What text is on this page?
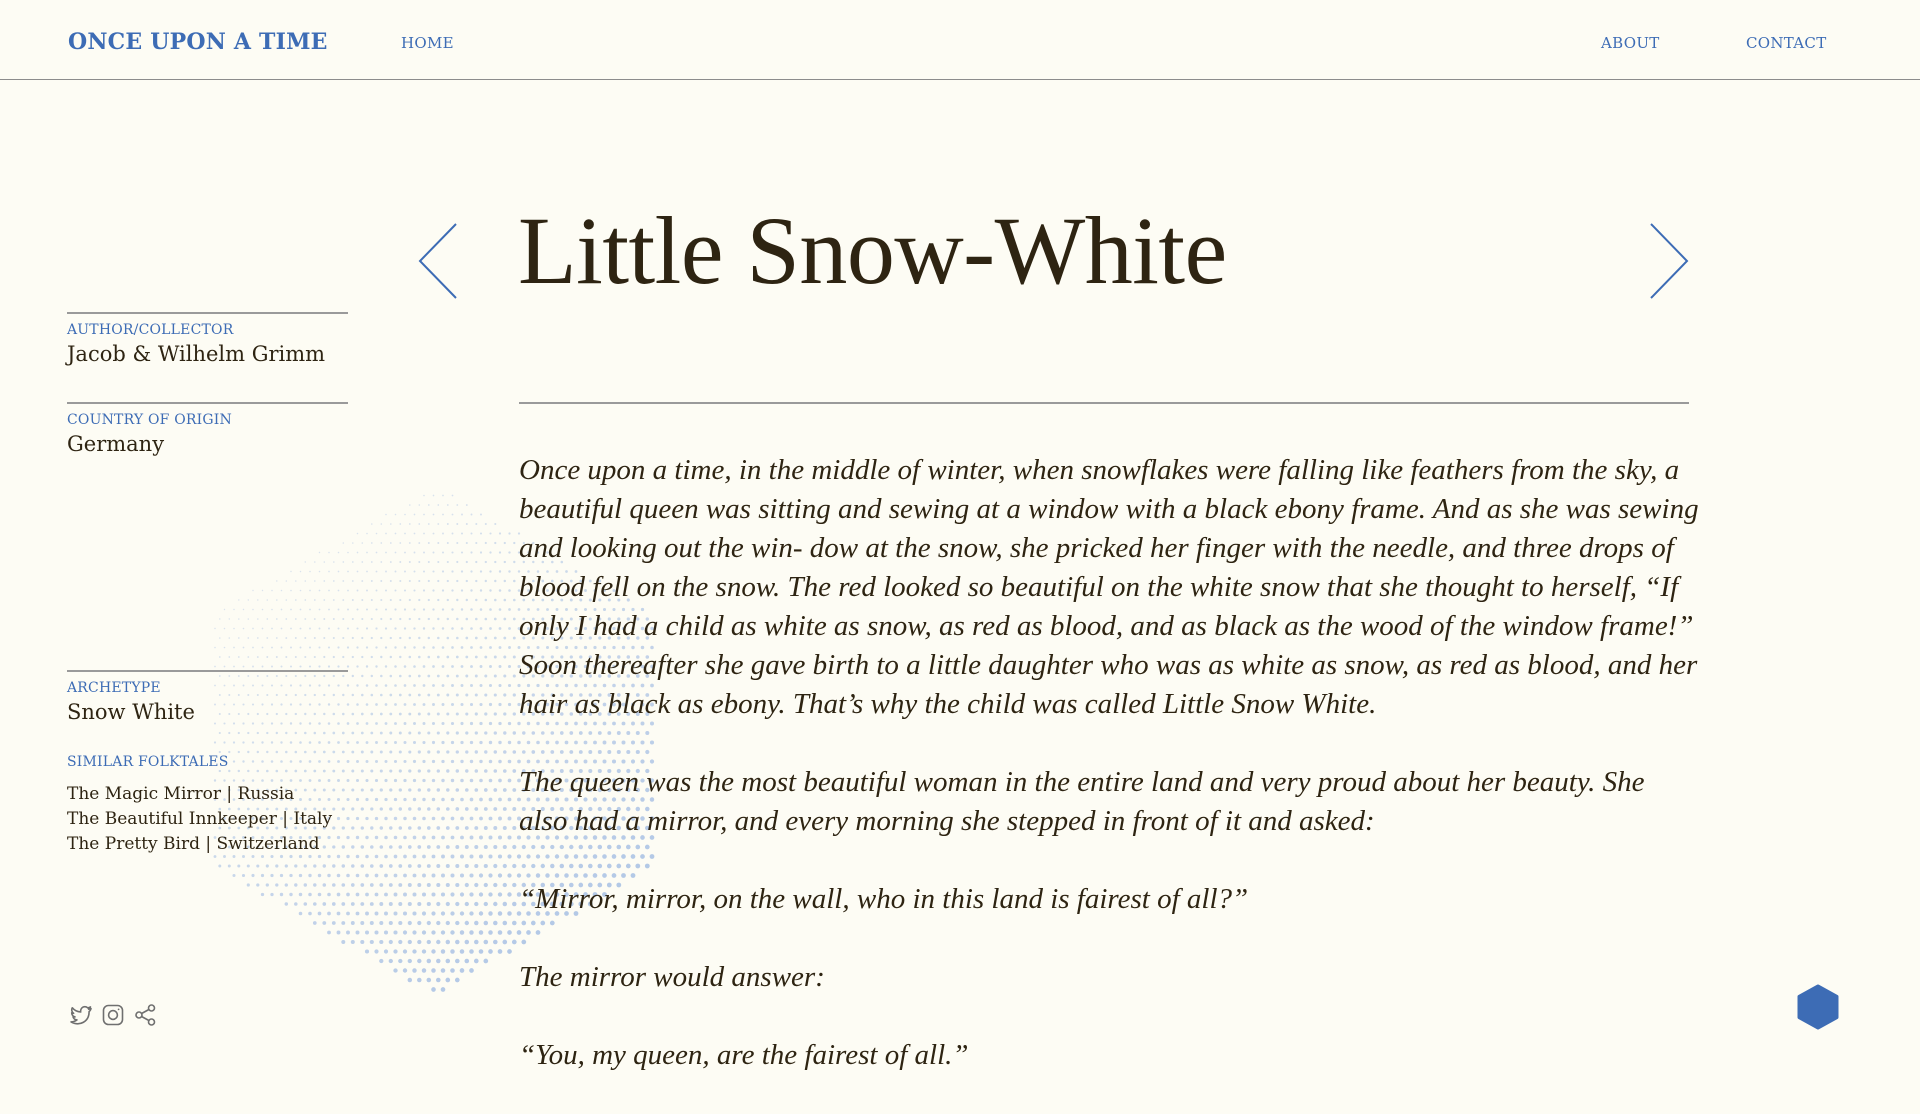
ONCE UPON A TIME	HOME	ABOUT	CONTACT
AUTHOR/COLLECTOR
Jacob & Wilhelm Grimm
COUNTRY OF ORIGIN
Germany
ARCHETYPE
Snow White
SIMILAR FOLKTALES
The Magic Mirror | Russia
The Beautiful Innkeeper | Italy
The Pretty Bird | Switzerland
Little Snow-White

Once upon a time, in the middle of winter, when snowflakes were falling like feathers from the sky, a beautiful queen was sitting and sewing at a window with a black ebony frame. And as she was sewing and looking out the win- dow at the snow, she pricked her finger with the needle, and three drops of blood fell on the snow. The red looked so beautiful on the white snow that she thought to herself, “If only I had a child as white as snow, as red as blood, and as black as the wood of the window frame!” Soon thereafter she gave birth to a little daughter who was as white as snow, as red as blood, and her hair as black as ebony. That’s why the child was called Little Snow White.

The queen was the most beautiful woman in the entire land and very proud about her beauty. She also had a mirror, and every morning she stepped in front of it and asked:

“Mirror, mirror, on the wall, who in this land is fairest of all?”

The mirror would answer:

“You, my queen, are the fairest of all.”
